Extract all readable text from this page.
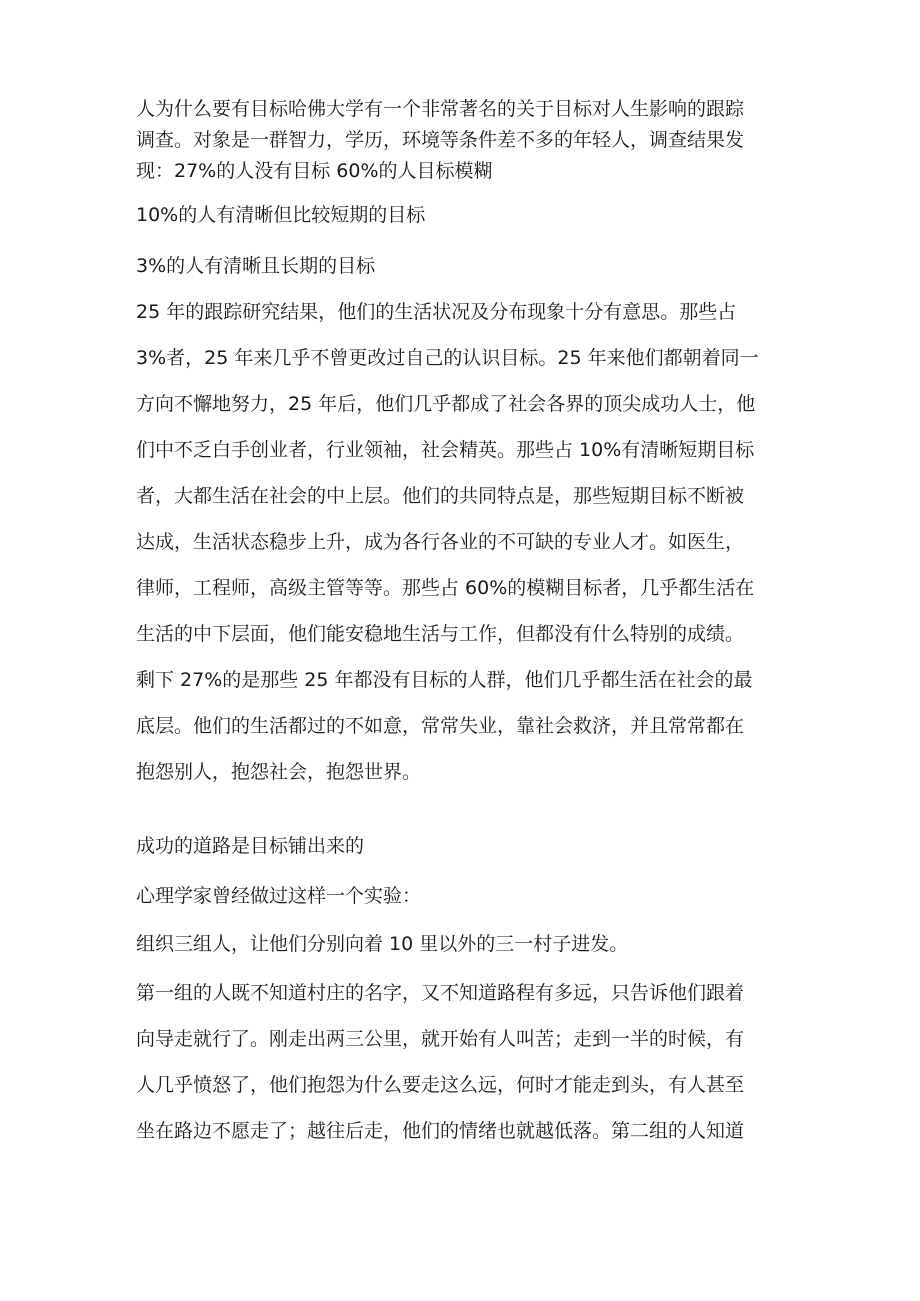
人为什么要有目标哈佛大学有一个非常著名的关于目标对人生影响的跟踪
调查。对象是一群智力，学历，环境等条件差不多的年轻人，调查结果发
现：27%的人没有目标 60%的人目标模糊
10%的人有清晰但比较短期的目标
3%的人有清晰且长期的目标
25 年的跟踪研究结果，他们的生活状况及分布现象十分有意思。那些占
3%者，25 年来几乎不曾更改过自己的认识目标。25 年来他们都朝着同一
方向不懈地努力，25 年后，他们几乎都成了社会各界的顶尖成功人士，他
们中不乏白手创业者，行业领袖，社会精英。那些占 10%有清晰短期目标
者，大都生活在社会的中上层。他们的共同特点是，那些短期目标不断被
达成，生活状态稳步上升，成为各行各业的不可缺的专业人才。如医生，
律师，工程师，高级主管等等。那些占 60%的模糊目标者，几乎都生活在
生活的中下层面，他们能安稳地生活与工作，但都没有什么特别的成绩。
剩下 27%的是那些 25 年都没有目标的人群，他们几乎都生活在社会的最
底层。他们的生活都过的不如意，常常失业，靠社会救济，并且常常都在
抱怨别人，抱怨社会，抱怨世界。
成功的道路是目标铺出来的
心理学家曾经做过这样一个实验：
组织三组人，让他们分别向着 10 里以外的三一村子进发。
第一组的人既不知道村庄的名字，又不知道路程有多远，只告诉他们跟着
向导走就行了。刚走出两三公里，就开始有人叫苦；走到一半的时候，有
人几乎愤怒了，他们抱怨为什么要走这么远，何时才能走到头，有人甚至
坐在路边不愿走了；越往后走，他们的情绪也就越低落。第二组的人知道
